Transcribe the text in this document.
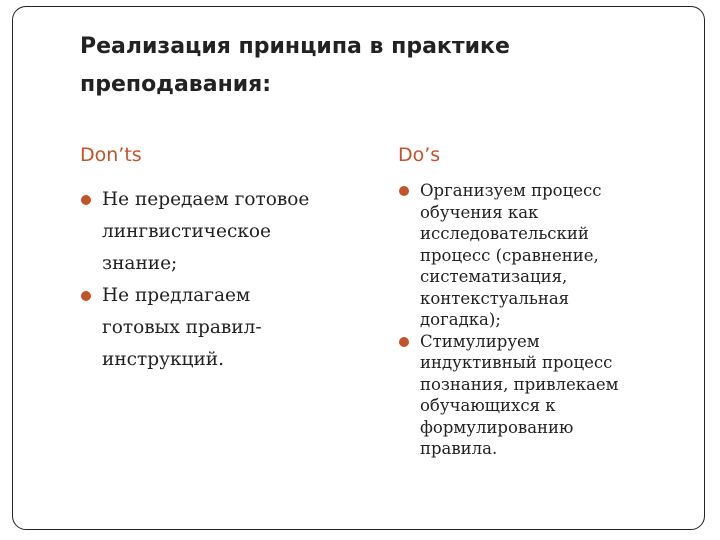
Реализация принципа в практике
преподавания:
Don’ts	Do’s
Не передаем готовое
лингвистическое
знание;
Не предлагаем
готовых правил-
инструкций.
Организуем процесс
обучения как
исследовательский
процесс (сравнение,
систематизация,
контекстуальная
догадка);
Стимулируем
индуктивный процесс
познания, привлекаем
обучающихся к
формулированию
правила.
